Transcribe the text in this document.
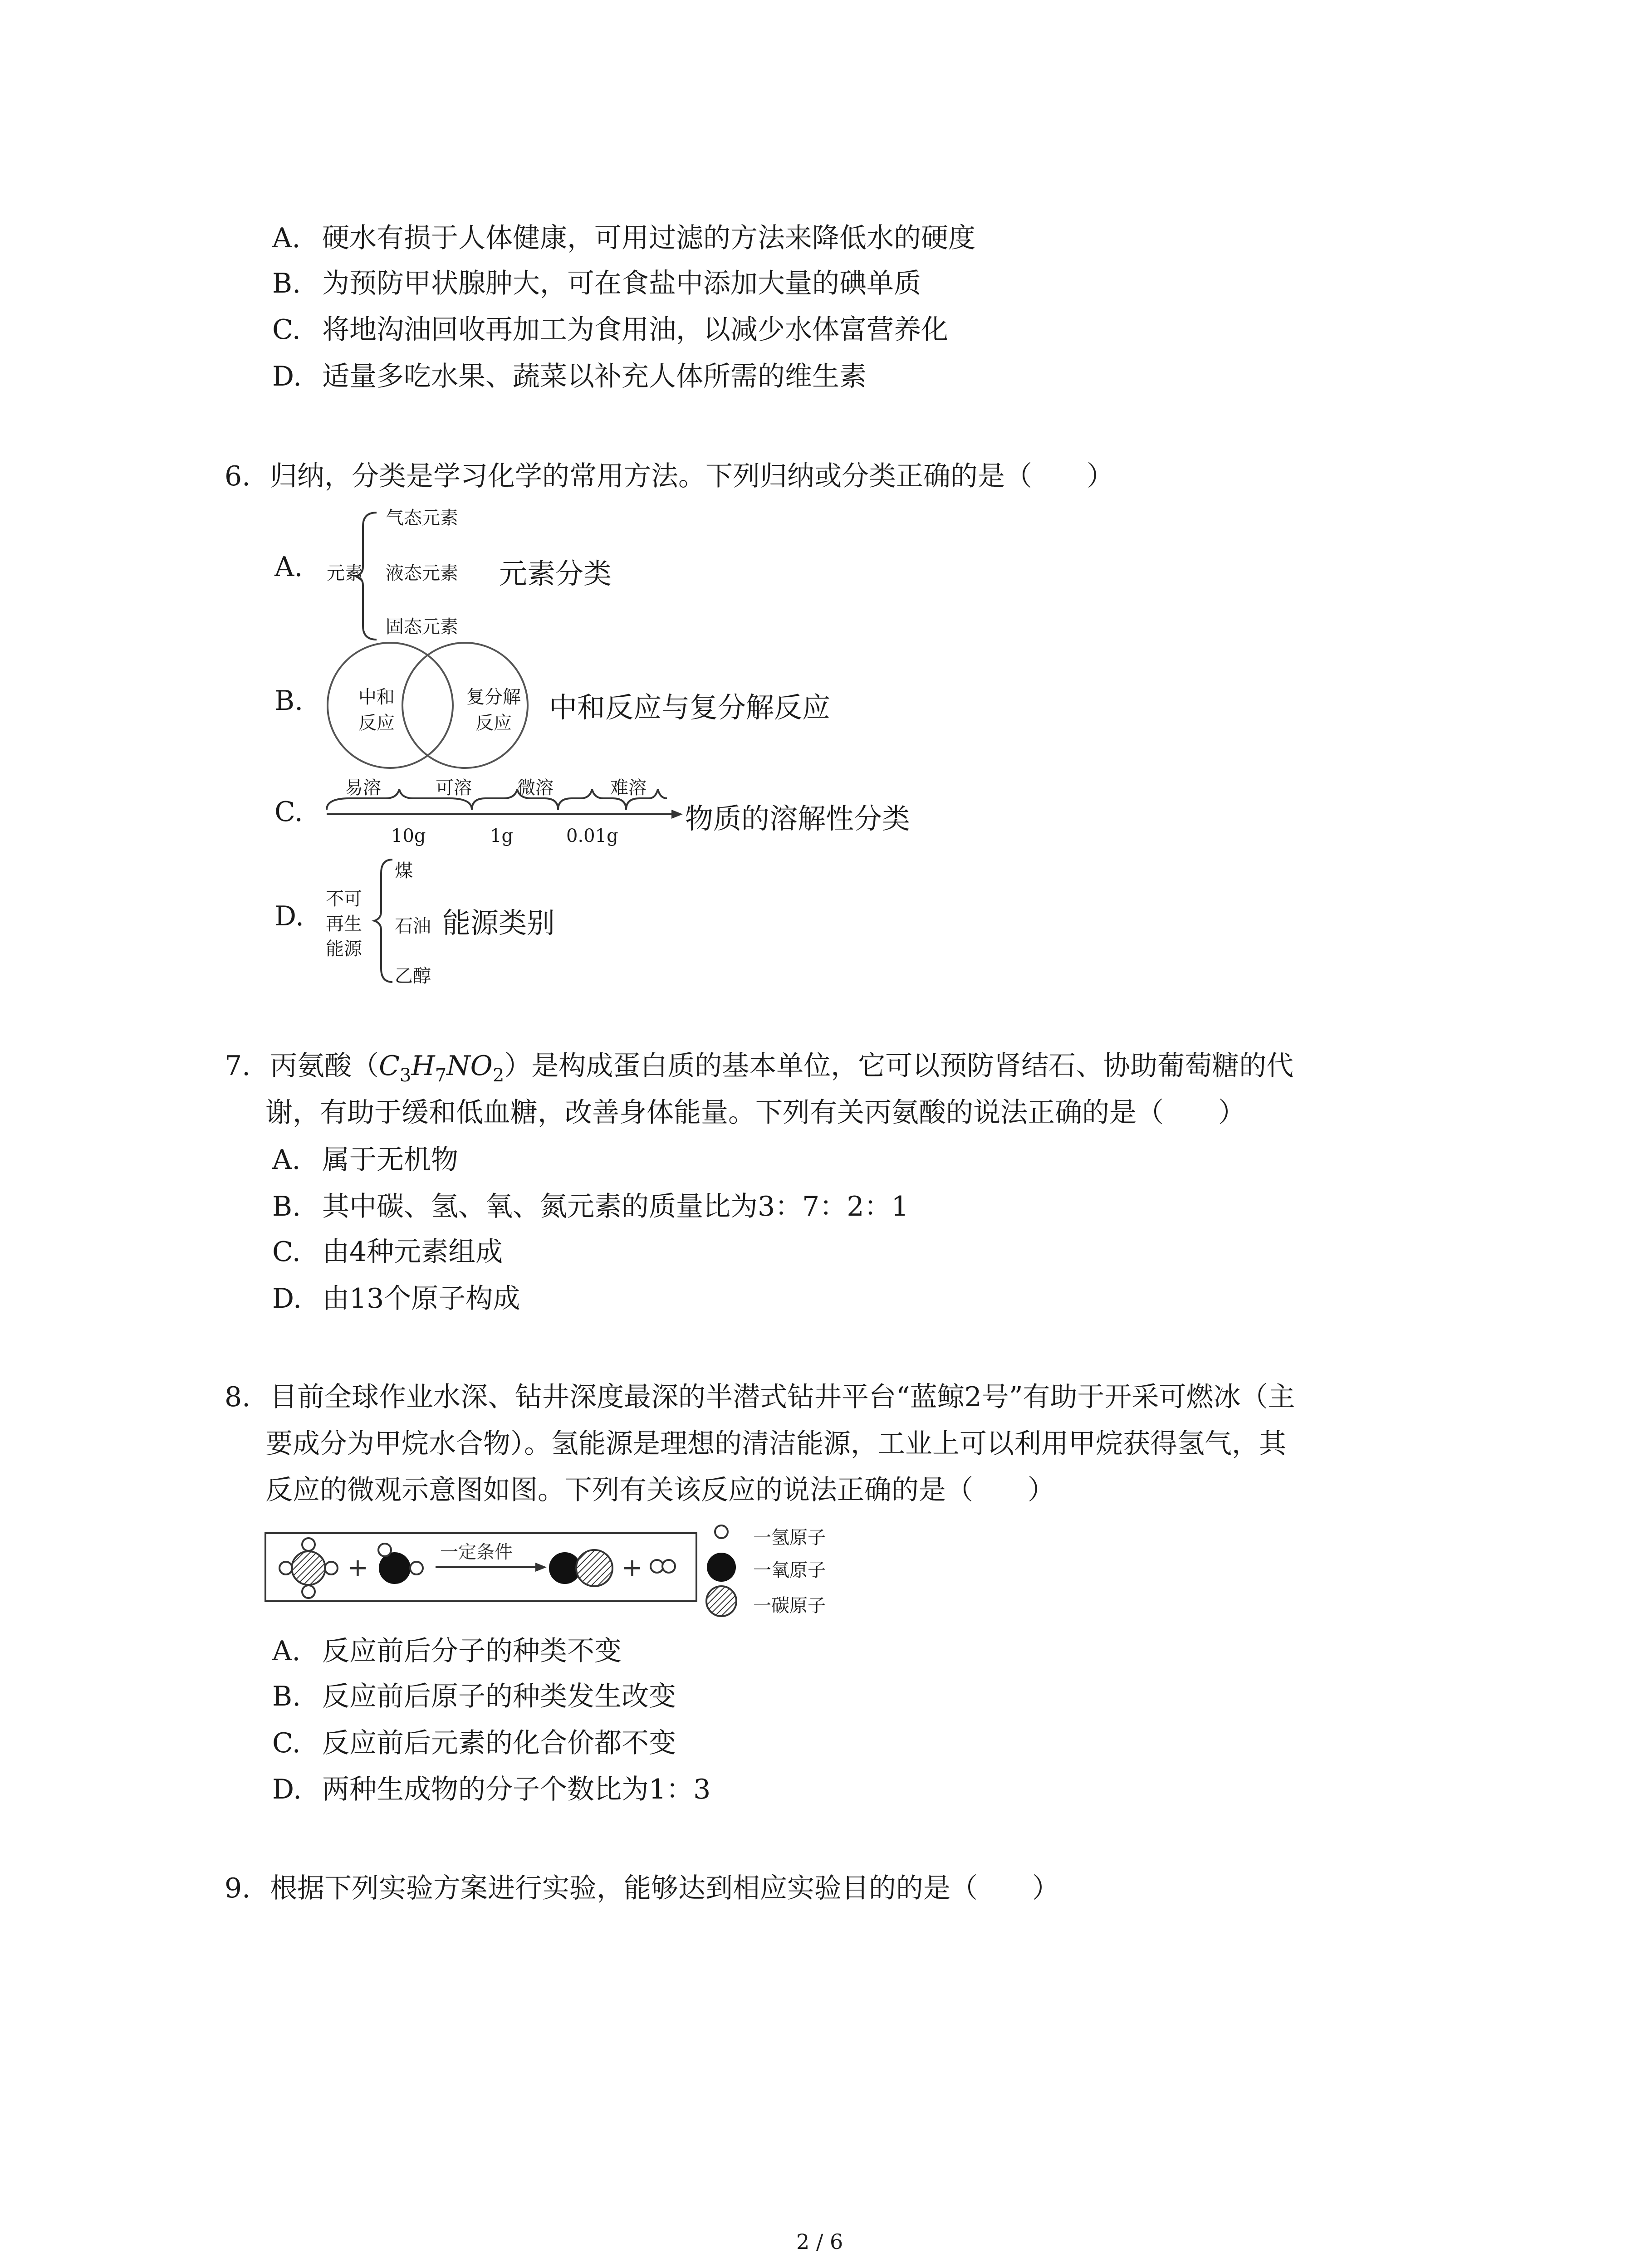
A. 硬水有损于人体健康，可用过滤的方法来降低水的硬度
B. 为预防甲状腺肿大，可在食盐中添加大量的碘单质
C. 将地沟油回收再加工为食用油，以减少水体富营养化
D. 适量多吃水果、蔬菜以补充人体所需的维生素
6. 归纳，分类是学习化学的常用方法。下列归纳或分类正确的是（　　）
A. 元素
气态元素
液态元素
固态元素
元素分类
B.	中和
反应
复分解
反应 中和反应与复分解反应
C.
易溶	可溶	微溶	难溶
10g	1g	0.01g
物质的溶解性分类
D.
不可
再生
能源
煤
石油
乙醇
能源类别
7. 丙氨酸$(C_3H_7NO_2)$是构成蛋白质的基本单位，它可以预防肾结石、协助葡萄糖的代
谢，有助于缓和低血糖，改善身体能量。下列有关丙氨酸的说法正确的是（　　）
A. 属于无机物
B. 其中碳、氢、氧、氮元素的质量比为3：7：2：1
C. 由4种元素组成
D. 由13个原子构成
8. 目前全球作业水深、钻井深度最深的半潜式钻井平台“蓝鲸2号”有助于开采可燃冰（主
要成分为甲烷水合物）。氢能源是理想的清洁能源，工业上可以利用甲烷获得氢气，其
反应的微观示意图如图。下列有关该反应的说法正确的是（　　）
+
一定条件
+
一氢原子
一氧原子
一碳原子
A. 反应前后分子的种类不变
B. 反应前后原子的种类发生改变
C. 反应前后元素的化合价都不变
D. 两种生成物的分子个数比为1：3
9. 根据下列实验方案进行实验，能够达到相应实验目的的是（　　）
2 / 6
